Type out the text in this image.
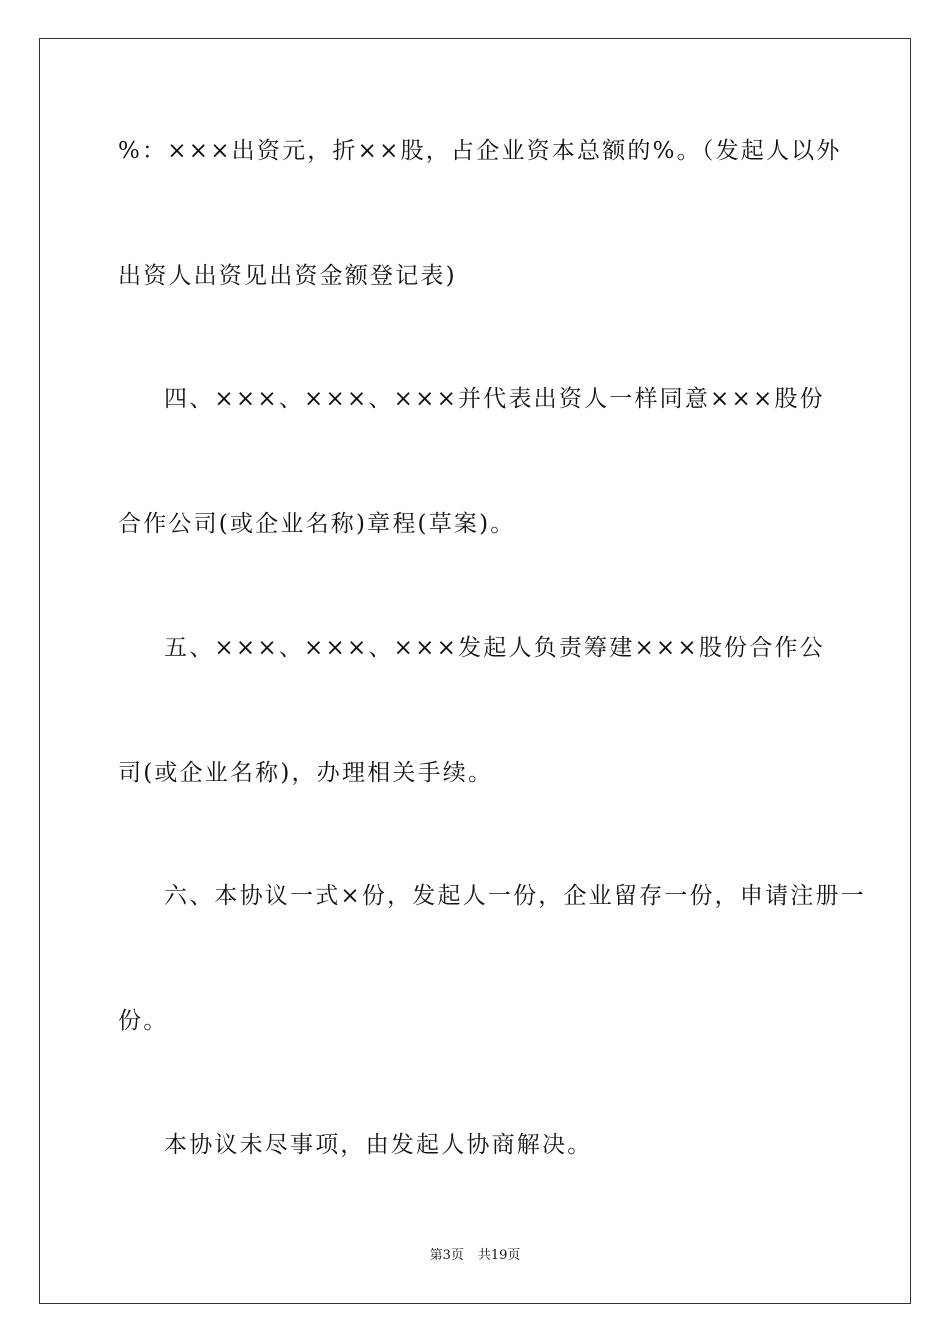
%：×××出资元，折××股，占企业资本总额的%。（发起人以外
出资人出资见出资金额登记表)
四、×××、×××、×××并代表出资人一样同意×××股份
合作公司(或企业名称)章程(草案)。
五、×××、×××、×××发起人负责筹建×××股份合作公
司(或企业名称)，办理相关手续。
六、本协议一式×份，发起人一份，企业留存一份，申请注册一
份。
本协议未尽事项，由发起人协商解决。
第3页 共19页
